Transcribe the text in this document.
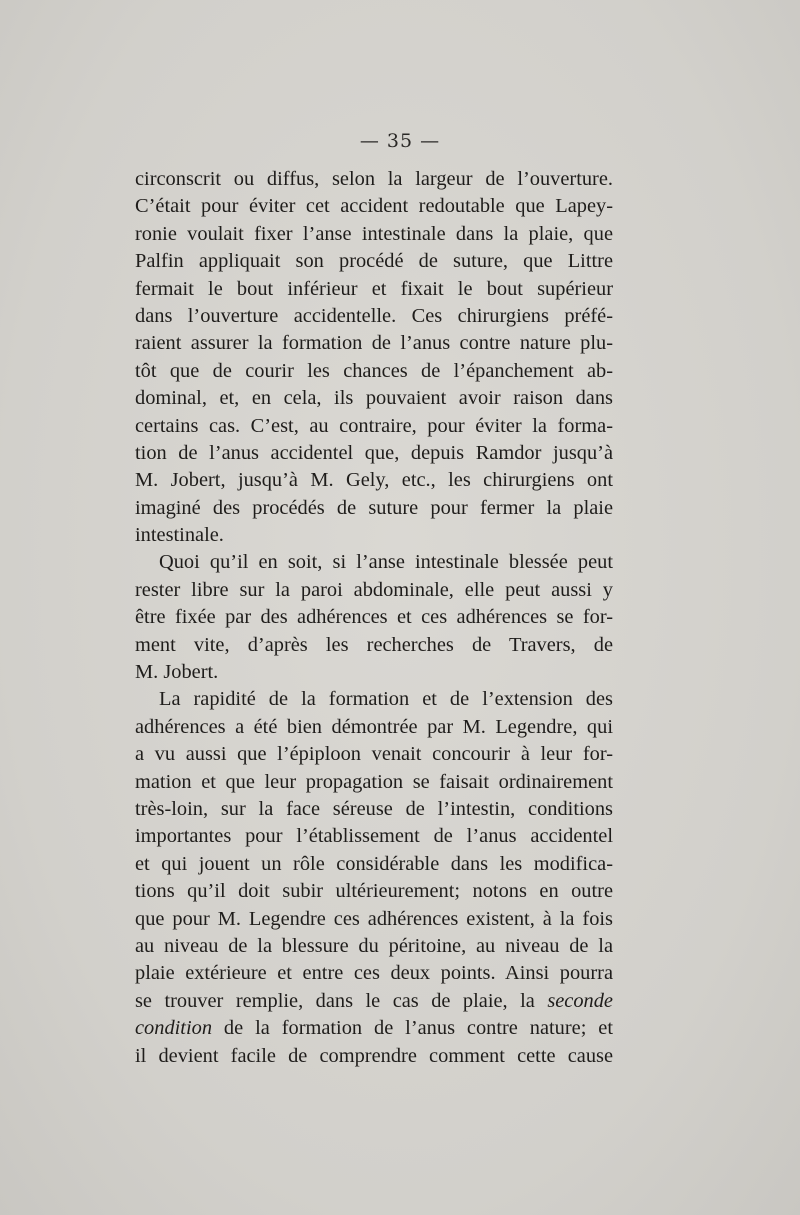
— 35 —
circonscrit ou diffus, selon la largeur de l’ouverture.
C’était pour éviter cet accident redoutable que Lapey-
ronie voulait fixer l’anse intestinale dans la plaie, que
Palfin appliquait son procédé de suture, que Littre
fermait le bout inférieur et fixait le bout supérieur
dans l’ouverture accidentelle. Ces chirurgiens préfé-
raient assurer la formation de l’anus contre nature plu-
tôt que de courir les chances de l’épanchement ab-
dominal, et, en cela, ils pouvaient avoir raison dans
certains cas. C’est, au contraire, pour éviter la forma-
tion de l’anus accidentel que, depuis Ramdor jusqu’à
M. Jobert, jusqu’à M. Gely, etc., les chirurgiens ont
imaginé des procédés de suture pour fermer la plaie
intestinale.
Quoi qu’il en soit, si l’anse intestinale blessée peut
rester libre sur la paroi abdominale, elle peut aussi y
être fixée par des adhérences et ces adhérences se for-
ment vite, d’après les recherches de Travers, de
M. Jobert.
La rapidité de la formation et de l’extension des
adhérences a été bien démontrée par M. Legendre, qui
a vu aussi que l’épiploon venait concourir à leur for-
mation et que leur propagation se faisait ordinairement
très-loin, sur la face séreuse de l’intestin, conditions
importantes pour l’établissement de l’anus accidentel
et qui jouent un rôle considérable dans les modifica-
tions qu’il doit subir ultérieurement; notons en outre
que pour M. Legendre ces adhérences existent, à la fois
au niveau de la blessure du péritoine, au niveau de la
plaie extérieure et entre ces deux points. Ainsi pourra
se trouver remplie, dans le cas de plaie, la seconde
condition de la formation de l’anus contre nature; et
il devient facile de comprendre comment cette cause
